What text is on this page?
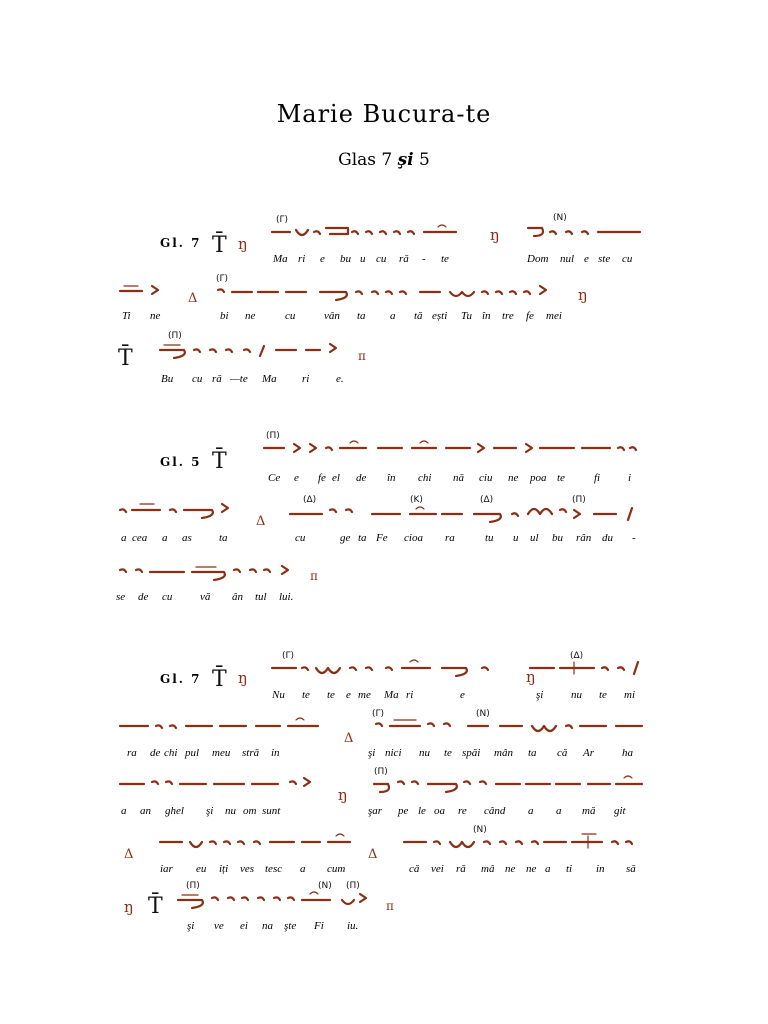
Marie Bucura-te
Glas 7 şi 5
Gl. 7
Gl. 5
Gl. 7
T̄ ŋ
(Γ)
ŋ
(N)
Δ
(Γ)
ŋ
T̄
(Π)
π
T̄
(Π)
Δ
(Δ)	(Κ)	(Δ)	(Π)
π
T̄ ŋ
(Γ)
ŋ
(Δ)
Δ
(Γ)	(N)
ŋ
(Π)
Δ	Δ
(N)
ŋ T̄
(Π)	(N) (Π)
π
Ma ri e bu u cu ră - te	Dom nul e ste cu
Ti ne	bi ne	cu	vân ta a tă ești Tu în tre fe mei
Bu cu ră —te Ma ri e.
Ce e fe el de în chi nă ciu ne poa te	fi	i
a cea a as ta	cu	ge ta Fe cioa ra	tu u ul bu rân du -
se de cu	vă ân tul lui.
Nu te te e me Ma ri	e	şi	nu te mi
ra de chi pul meu stră in	şi nici nu te spăi mân ta că Ar	ha
a an ghel şi nu om sunt	şar pe le oa re când a a mă git
iar eu iți ves tesc a cum	că vei ră mâ ne ne a ti in să
şi ve ei na şte Fi iu.
